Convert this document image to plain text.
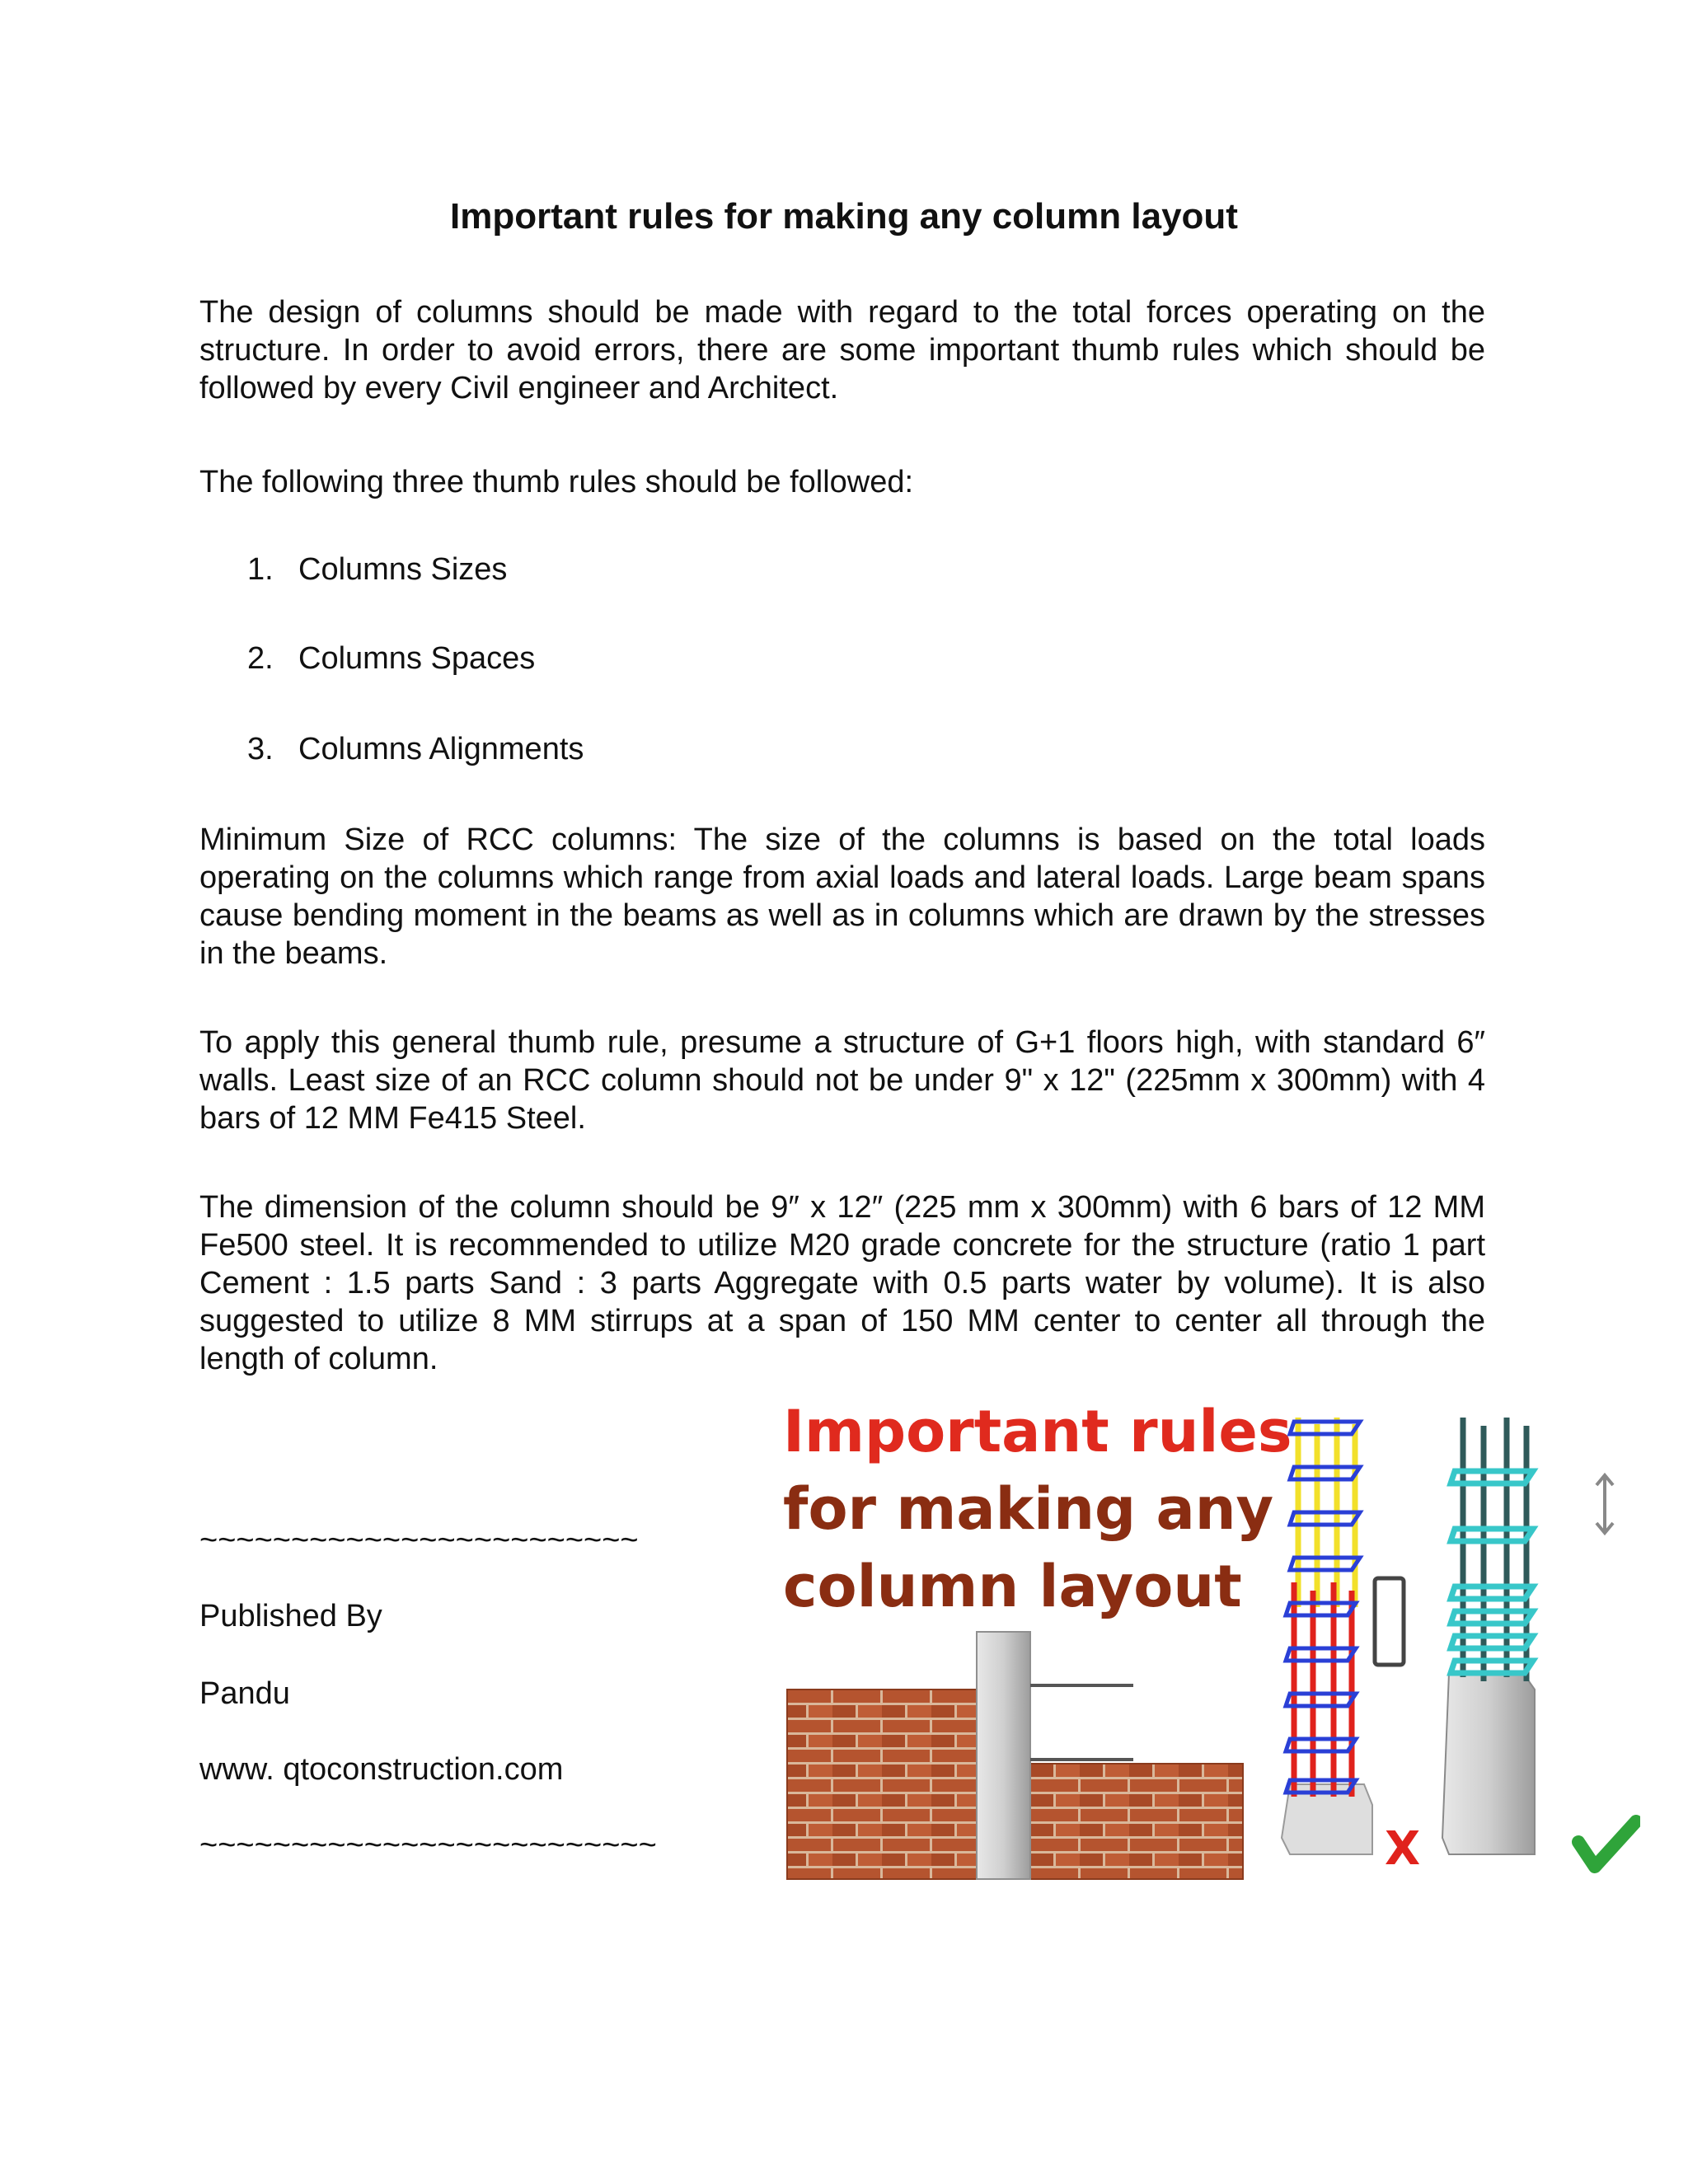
Important rules for making any column layout

The design of columns should be made with regard to the total forces operating on the structure. In order to avoid errors, there are some important thumb rules which should be followed by every Civil engineer and Architect.

The following three thumb rules should be followed:

1. Columns Sizes
2. Columns Spaces
3. Columns Alignments

Minimum Size of RCC columns: The size of the columns is based on the total loads operating on the columns which range from axial loads and lateral loads. Large beam spans cause bending moment in the beams as well as in columns which are drawn by the stresses in the beams.

To apply this general thumb rule, presume a structure of G+1 floors high, with standard 6″ walls. Least size of an RCC column should not be under 9" x 12" (225mm x 300mm) with 4 bars of 12 MM Fe415 Steel.

The dimension of the column should be 9″ x 12″ (225 mm x 300mm) with 6 bars of 12 MM Fe500 steel. It is recommended to utilize M20 grade concrete for the structure (ratio 1 part Cement : 1.5 parts Sand : 3 parts Aggregate with 0.5 parts water by volume). It is also suggested to utilize 8 MM stirrups at a span of 150 MM center to center all through the length of column.

~~~~~~~~~~~~~~~~~~~~~~~~
Published By
Pandu
www. qtoconstruction.com
~~~~~~~~~~~~~~~~~~~~~~~~~
Important rules
for making any
column layout
X
